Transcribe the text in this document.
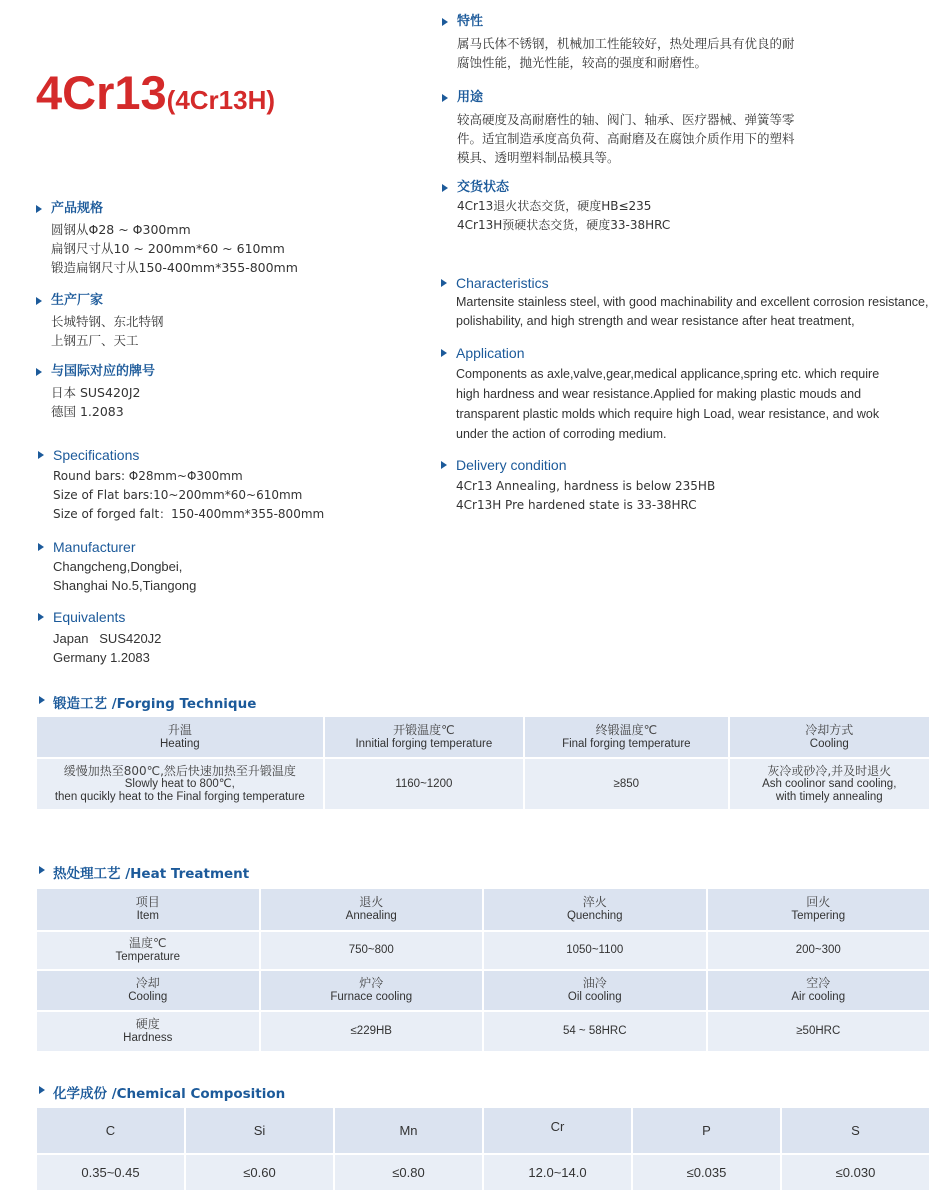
4Cr13(4Cr13H)
特性
属马氏体不锈钢，机械加工性能较好，热处理后具有优良的耐
腐蚀性能，抛光性能，较高的强度和耐磨性。
用途
较高硬度及高耐磨性的轴、阀门、轴承、医疗器械、弹簧等零
件。适宜制造承度高负荷、高耐磨及在腐蚀介质作用下的塑料
模具、透明塑料制品模具等。
交货状态
4Cr13退火状态交货，硬度HB≤235
4Cr13H预硬状态交货，硬度33-38HRC
产品规格
圆钢从Φ28 ~ Φ300mm
扁钢尺寸从10 ~ 200mm*60 ~ 610mm
锻造扁钢尺寸从150-400mm*355-800mm
生产厂家
长城特钢、东北特钢
上钢五厂、天工
与国际对应的牌号
日本 SUS420J2
德国 1.2083
Specifications
Round bars: Φ28mm~Φ300mm
Size of Flat bars:10~200mm*60~610mm
Size of forged falt：150-400mm*355-800mm
Manufacturer
Changcheng,Dongbei,
Shanghai No.5,Tiangong
Equivalents
Japan   SUS420J2
Germany 1.2083
Characteristics
Martensite stainless steel, with good machinability and excellent corrosion resistance,
polishability, and high strength and wear resistance after heat treatment,
Application
Components as axle,valve,gear,medical applicance,spring etc. which require
high hardness and wear resistance.Applied for making plastic mouds and
transparent plastic molds which require high Load, wear resistance, and wok
under the action of corroding medium.
Delivery condition
4Cr13 Annealing, hardness is below 235HB
4Cr13H Pre hardened state is 33-38HRC
锻造工艺 /Forging Technique
升温
Heating	开锻温度℃
Innitial forging temperature	终锻温度℃
Final forging temperature	冷却方式
Cooling

缓慢加热至800℃,然后快速加热至升锻温度
Slowly heat to 800℃,
then qucikly heat to the Final forging temperature	1160~1200	≥850	灰冷或砂冷,并及时退火
Ash coolinor sand cooling,
with timely annealing
热处理工艺 /Heat Treatment
项目
Item	退火
Annealing	淬火
Quenching	回火
Tempering

温度℃
Temperature	750~800	1050~1100	200~300

冷却
Cooling	炉冷
Furnace cooling	油冷
Oil cooling	空冷
Air cooling

硬度
Hardness	≤229HB	54 ~ 58HRC	≥50HRC
化学成份 /Chemical Composition
C	Si	Mn	Cr	P	S
0.35~0.45	≤0.60	≤0.80	12.0~14.0	≤0.035	≤0.030
